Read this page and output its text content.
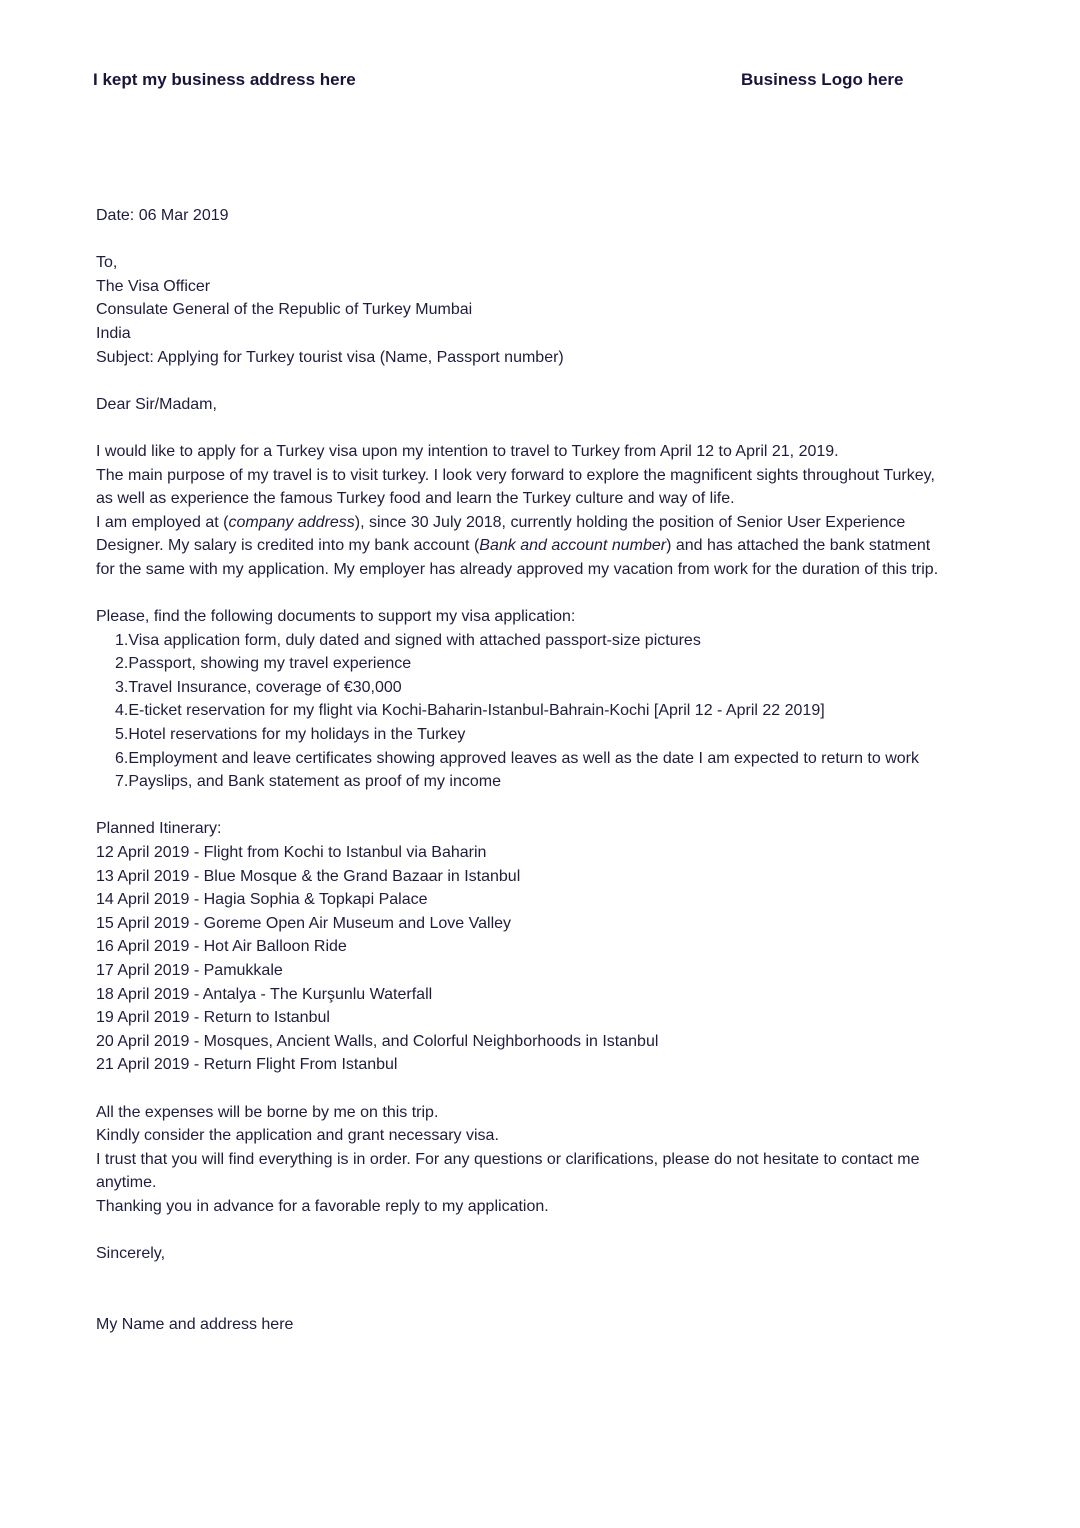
I kept my business address here	Business Logo here
Date: 06 Mar 2019
To,
The Visa Officer
Consulate General of the Republic of Turkey Mumbai
India
Subject: Applying for Turkey tourist visa (Name, Passport number)
Dear Sir/Madam,
I would like to apply for a Turkey visa upon my intention to travel to Turkey from April 12 to April 21, 2019.
The main purpose of my travel is to visit turkey. I look very forward to explore the magnificent sights throughout Turkey,
as well as experience the famous Turkey food and learn the Turkey culture and way of life.
I am employed at (company address), since 30 July 2018, currently holding the position of Senior User Experience
Designer. My salary is credited into my bank account (Bank and account number) and has attached the bank statment
for the same with my application. My employer has already approved my vacation from work for the duration of this trip.
Please, find the following documents to support my visa application:
1.Visa application form, duly dated and signed with attached passport-size pictures
2.Passport, showing my travel experience
3.Travel Insurance, coverage of €30,000
4.E-ticket reservation for my flight via Kochi-Baharin-Istanbul-Bahrain-Kochi [April 12 - April 22 2019]
5.Hotel reservations for my holidays in the Turkey
6.Employment and leave certificates showing approved leaves as well as the date I am expected to return to work
7.Payslips, and Bank statement as proof of my income
Planned Itinerary:
12 April 2019 - Flight from Kochi to Istanbul via Baharin
13 April 2019 - Blue Mosque & the Grand Bazaar in Istanbul
14 April 2019 - Hagia Sophia & Topkapi Palace
15 April 2019 - Goreme Open Air Museum and Love Valley
16 April 2019 - Hot Air Balloon Ride
17 April 2019 - Pamukkale
18 April 2019 - Antalya - The Kurşunlu Waterfall
19 April 2019 - Return to Istanbul
20 April 2019 - Mosques, Ancient Walls, and Colorful Neighborhoods in Istanbul
21 April 2019 - Return Flight From Istanbul
All the expenses will be borne by me on this trip.
Kindly consider the application and grant necessary visa.
I trust that you will find everything is in order. For any questions or clarifications, please do not hesitate to contact me
anytime.
Thanking you in advance for a favorable reply to my application.
Sincerely,
My Name and address here
